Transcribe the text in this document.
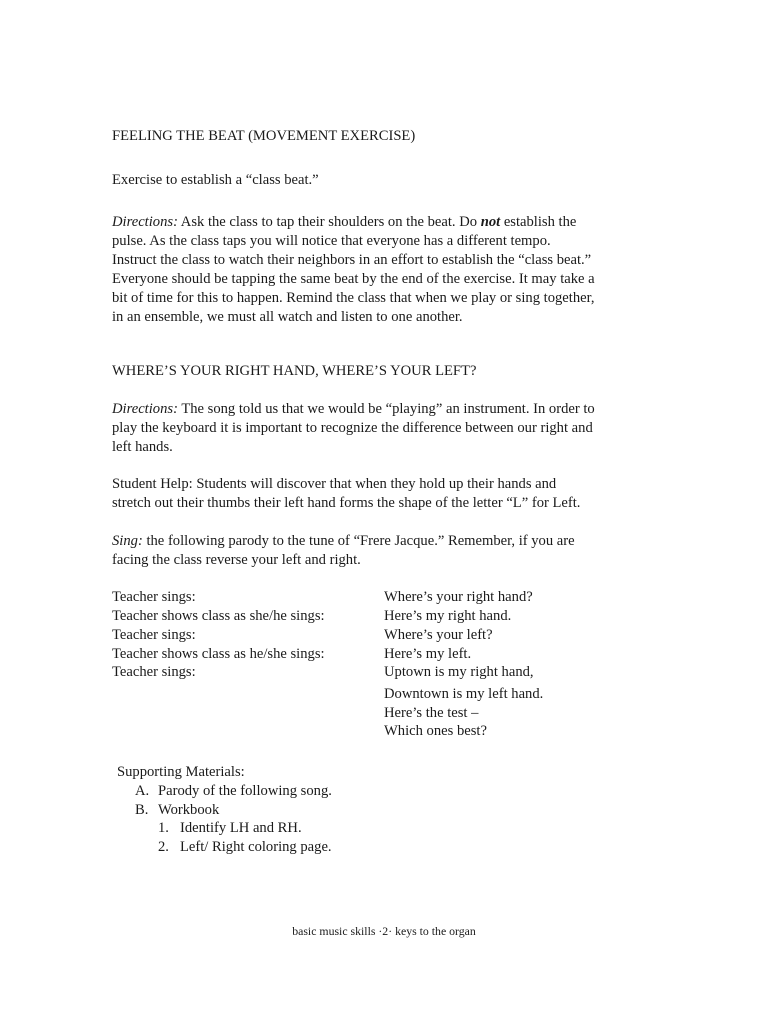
FEELING THE BEAT (MOVEMENT EXERCISE)
Exercise to establish a “class beat.”
Directions: Ask the class to tap their shoulders on the beat. Do not establish the
pulse. As the class taps you will notice that everyone has a different tempo.
Instruct the class to watch their neighbors in an effort to establish the “class beat.”
Everyone should be tapping the same beat by the end of the exercise. It may take a
bit of time for this to happen. Remind the class that when we play or sing together,
in an ensemble, we must all watch and listen to one another.
WHERE’S YOUR RIGHT HAND, WHERE’S YOUR LEFT?
Directions: The song told us that we would be “playing” an instrument. In order to
play the keyboard it is important to recognize the difference between our right and
left hands.
Student Help: Students will discover that when they hold up their hands and
stretch out their thumbs their left hand forms the shape of the letter “L” for Left.
Sing: the following parody to the tune of “Frere Jacque.” Remember, if you are
facing the class reverse your left and right.
Teacher sings:
Teacher shows class as she/he sings:
Teacher sings:
Teacher shows class as he/she sings:
Teacher sings:
Where’s your right hand?
Here’s my right hand.
Where’s your left?
Here’s my left.
Uptown is my right hand,
Downtown is my left hand.
Here’s the test –
Which ones best?
Supporting Materials:
A. Parody of the following song.
B. Workbook
1. Identify LH and RH.
2. Left/ Right coloring page.
basic music skills ·2· keys to the organ
